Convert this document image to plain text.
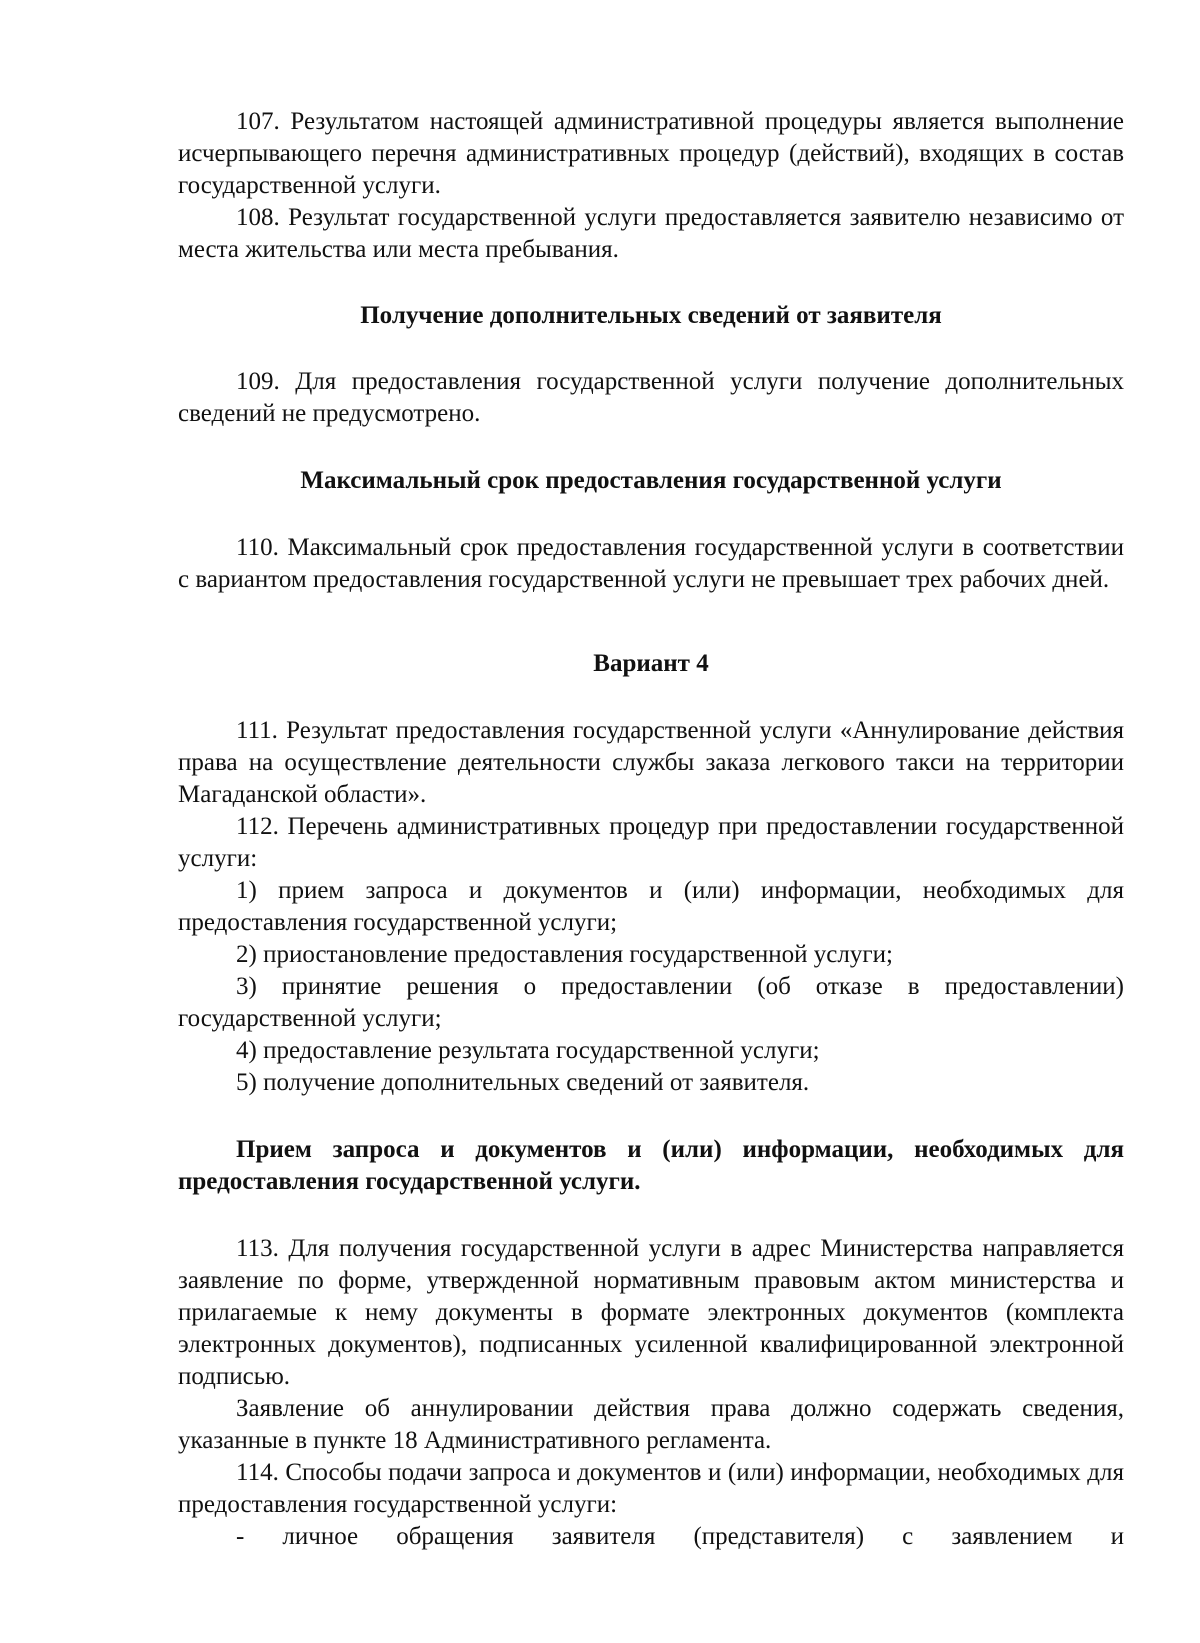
107. Результатом настоящей административной процедуры является выполнение исчерпывающего перечня административных процедур (действий), входящих в состав государственной услуги.

108. Результат государственной услуги предоставляется заявителю независимо от места жительства или места пребывания.

Получение дополнительных сведений от заявителя

109. Для предоставления государственной услуги получение дополнительных сведений не предусмотрено.

Максимальный срок предоставления государственной услуги

110. Максимальный срок предоставления государственной услуги в соответствии с вариантом предоставления государственной услуги не превышает трех рабочих дней.

Вариант 4

111. Результат предоставления государственной услуги «Аннулирование действия права на осуществление деятельности службы заказа легкового такси на территории Магаданской области».

112. Перечень административных процедур при предоставлении государственной услуги:

1) прием запроса и документов и (или) информации, необходимых для предоставления государственной услуги;

2) приостановление предоставления государственной услуги;

3) принятие решения о предоставлении (об отказе в предоставлении) государственной услуги;

4) предоставление результата государственной услуги;

5) получение дополнительных сведений от заявителя.

Прием запроса и документов и (или) информации, необходимых для предоставления государственной услуги.

113. Для получения государственной услуги в адрес Министерства направляется заявление по форме, утвержденной нормативным правовым актом министерства и прилагаемые к нему документы в формате электронных документов (комплекта электронных документов), подписанных усиленной квалифицированной электронной подписью.

Заявление об аннулировании действия права должно содержать сведения, указанные в пункте 18 Административного регламента.

114. Способы подачи запроса и документов и (или) информации, необходимых для предоставления государственной услуги:

- личное обращения заявителя (представителя) с заявлением и
